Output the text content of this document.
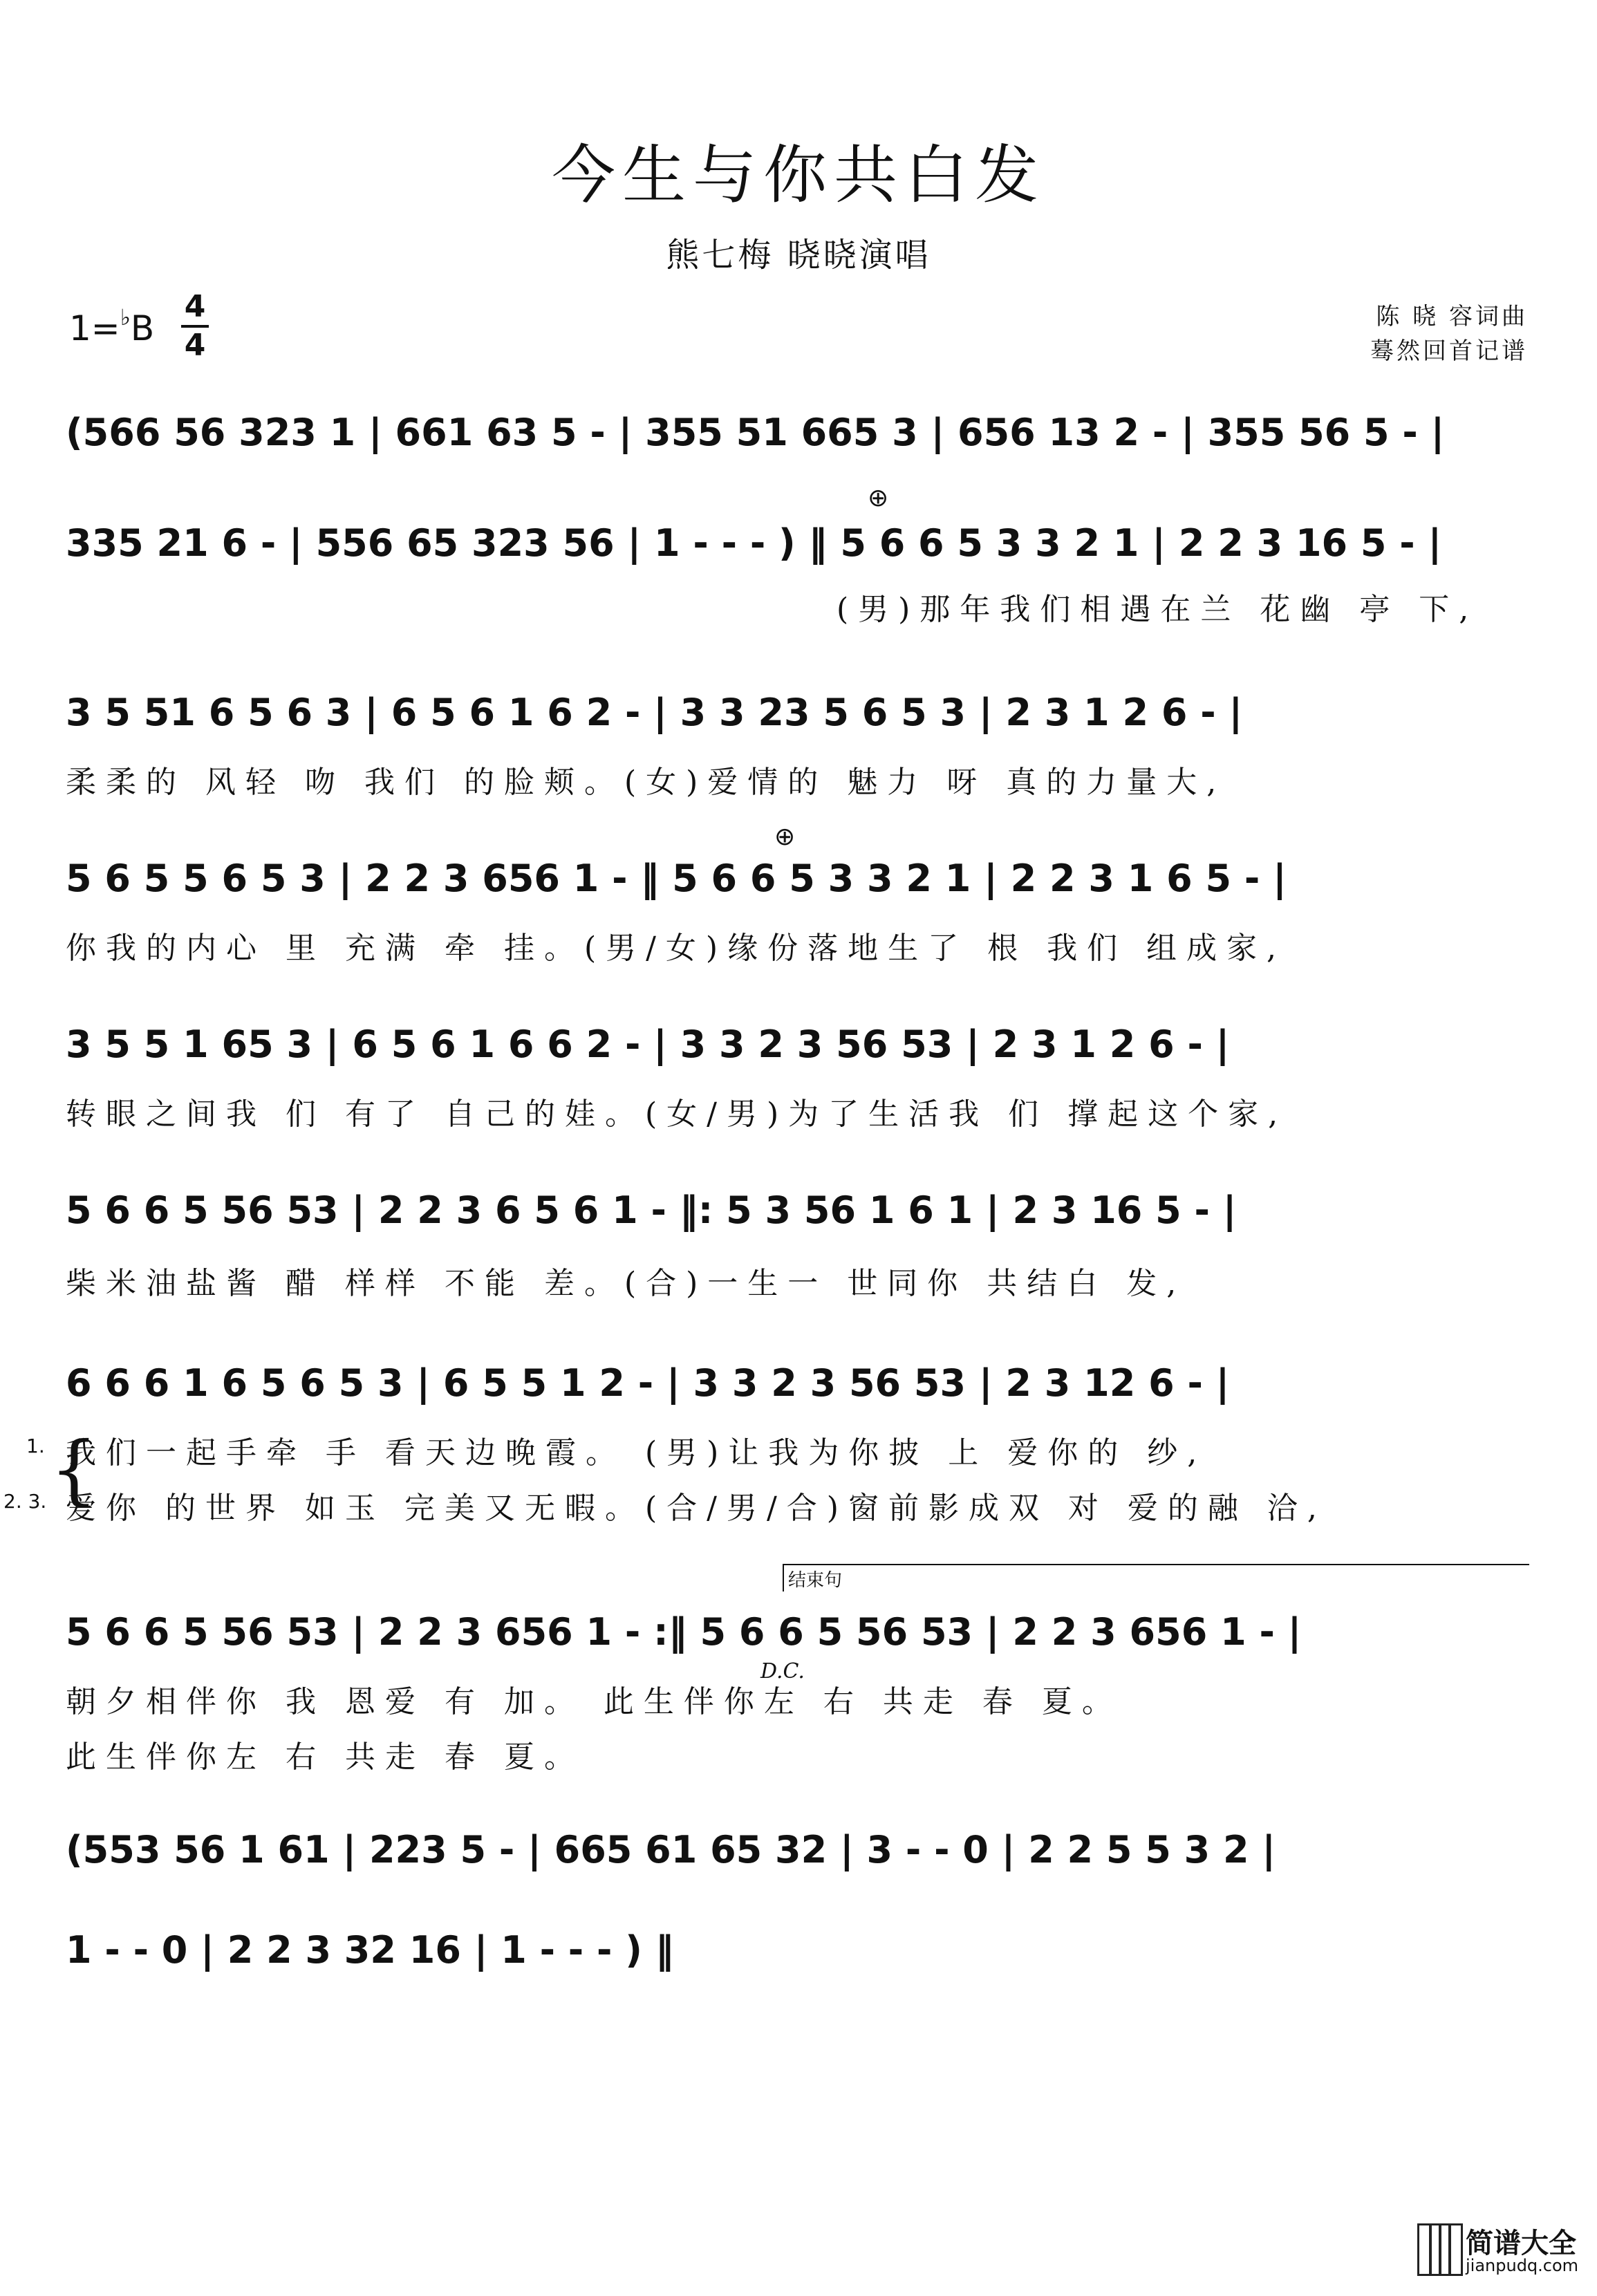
今生与你共白发
熊七梅 晓晓演唱
1=♭B
4
4
陈 晓 容词曲
蓦然回首记谱
(566 56 323 1 | 661 63 5 - | 355 51 665 3 | 656 13 2 - | 355 56 5 - |
335 21 6 - | 556 65 323 56 | 1 - - - ) ‖ 5 6 6 5 3 3 2 1 | 2 2 3 16 5 - |
⊕
(男)那年我们相遇在兰 花幽 亭 下,
3 5 51 6 5 6 3 | 6 5 6 1 6 2 - | 3 3 23 5 6 5 3 | 2 3 1 2 6 - |
柔柔的 风轻 吻 我们 的脸颊。(女)爱情的 魅力 呀 真的力量大,
5 6 5 5 6 5 3 | 2 2 3 656 1 - ‖ 5 6 6 5 3 3 2 1 | 2 2 3 1 6 5 - |
⊕
你我的内心 里 充满 牵 挂。(男/女)缘份落地生了 根 我们 组成家,
3 5 5 1 65 3 | 6 5 6 1 6 6 2 - | 3 3 2 3 56 53 | 2 3 1 2 6 - |
转眼之间我 们 有了 自己的娃。(女/男)为了生活我 们 撑起这个家,
5 6 6 5 56 53 | 2 2 3 6 5 6 1 - ‖: 5 3 56 1 6 1 | 2 3 16 5 - |
柴米油盐酱 醋 样样 不能 差。(合)一生一 世同你 共结白 发,
6 6 6 1 6 5 6 5 3 | 6 5 5 1 2 - | 3 3 2 3 56 53 | 2 3 12 6 - |
1.
2. 3. {
我们一起手牵 手 看天边晚霞。 (男)让我为你披 上 爱你的 纱,
爱你 的世界 如玉 完美又无暇。(合/男/合)窗前影成双 对 爱的融 洽,
结束句
5 6 6 5 56 53 | 2 2 3 656 1 - :‖ 5 6 6 5 56 53 | 2 2 3 656 1 - |
D.C.
朝夕相伴你 我 恩爱 有 加。 此生伴你左 右 共走 春 夏。
此生伴你左 右 共走 春 夏。
(553 56 1 61 | 223 5 - | 665 61 65 32 | 3 - - 0 | 2 2 5 5 3 2 |
1 - - 0 | 2 2 3 32 16 | 1 - - - ) ‖
简谱大全
jianpudq.com
